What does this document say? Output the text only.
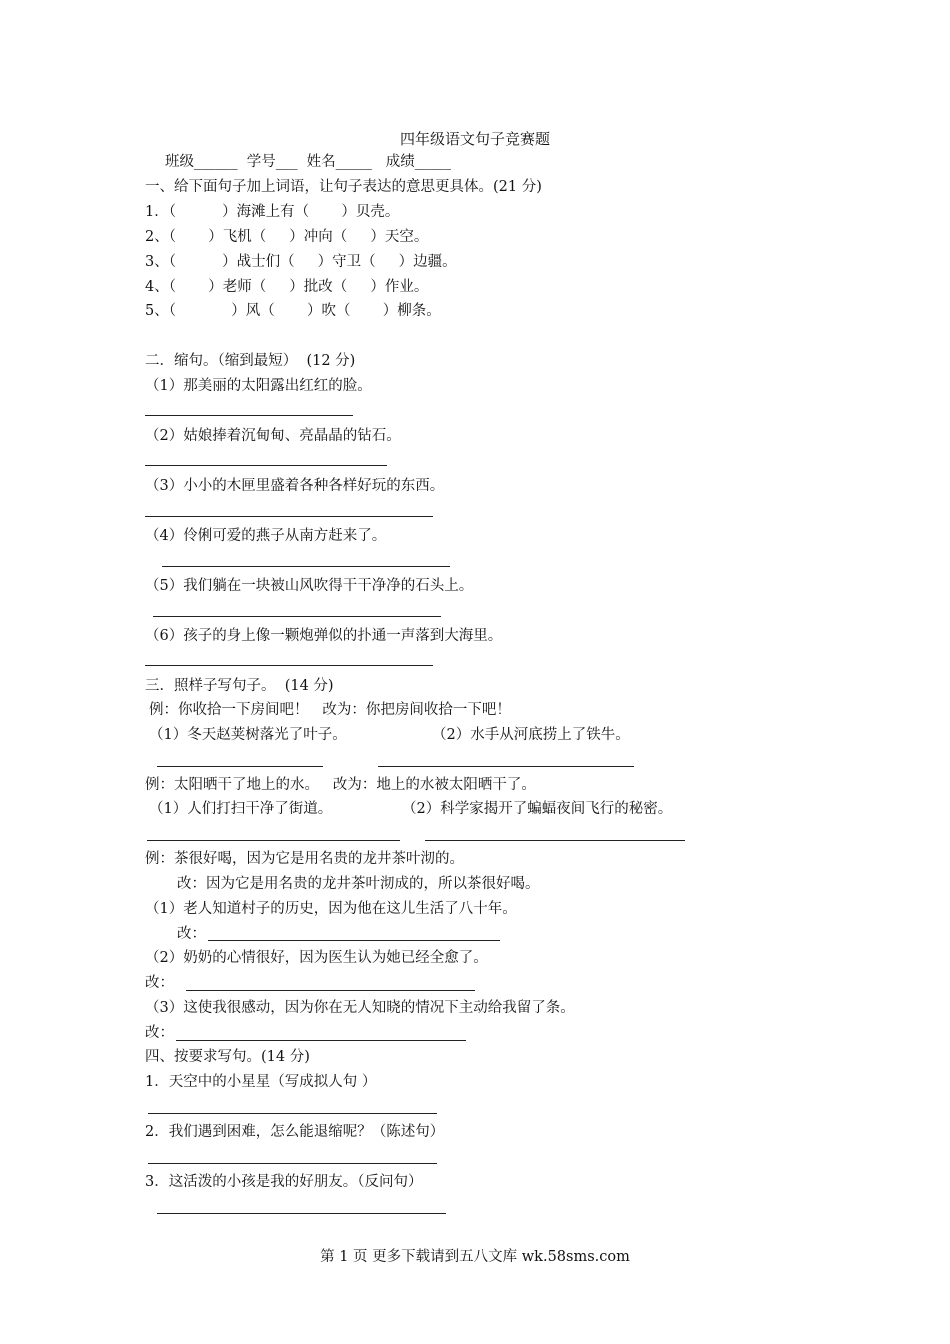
四年级语文句子竞赛题
班级______  学号___  姓名_____   成绩_____
一、给下面句子加上词语，让句子表达的意思更具体。(21 分)
1．（          ）海滩上有（       ）贝壳。
2、（       ）飞机（     ）冲向（     ）天空。
3、（          ）战士们（     ）守卫（     ）边疆。
4、（       ）老师（     ）批改（     ）作业。
5、（            ）风（       ）吹（       ）柳条。
二．缩句。（缩到最短）  (12 分)
（1）那美丽的太阳露出红红的脸。
（2）姑娘捧着沉甸甸、亮晶晶的钻石。
（3）小小的木匣里盛着各种各样好玩的东西。
（4）伶俐可爱的燕子从南方赶来了。
（5）我们躺在一块被山风吹得干干净净的石头上。
（6）孩子的身上像一颗炮弹似的扑通一声落到大海里。
三．照样子写句子。  (14 分)
例：你收拾一下房间吧！   改为：你把房间收拾一下吧！
（1）冬天赵荚树落光了叶子。	（2）水手从河底捞上了铁牛。
例：太阳晒干了地上的水。   改为：地上的水被太阳晒干了。
（1）人们打扫干净了街道。	（2）科学家揭开了蝙蝠夜间飞行的秘密。
例：茶很好喝，因为它是用名贵的龙井茶叶沏的。
改：因为它是用名贵的龙井茶叶沏成的，所以茶很好喝。
（1）老人知道村子的历史，因为他在这儿生活了八十年。
改：
（2）奶奶的心情很好，因为医生认为她已经全愈了。
改：
（3）这使我很感动，因为你在无人知晓的情况下主动给我留了条。
改：
四、按要求写句。(14 分)
1．天空中的小星星（写成拟人句 ）
2．我们遇到困难，怎么能退缩呢？（陈述句）
3．这活泼的小孩是我的好朋友。（反问句）
第 1 页 更多下载请到五八文库 wk.58sms.com
